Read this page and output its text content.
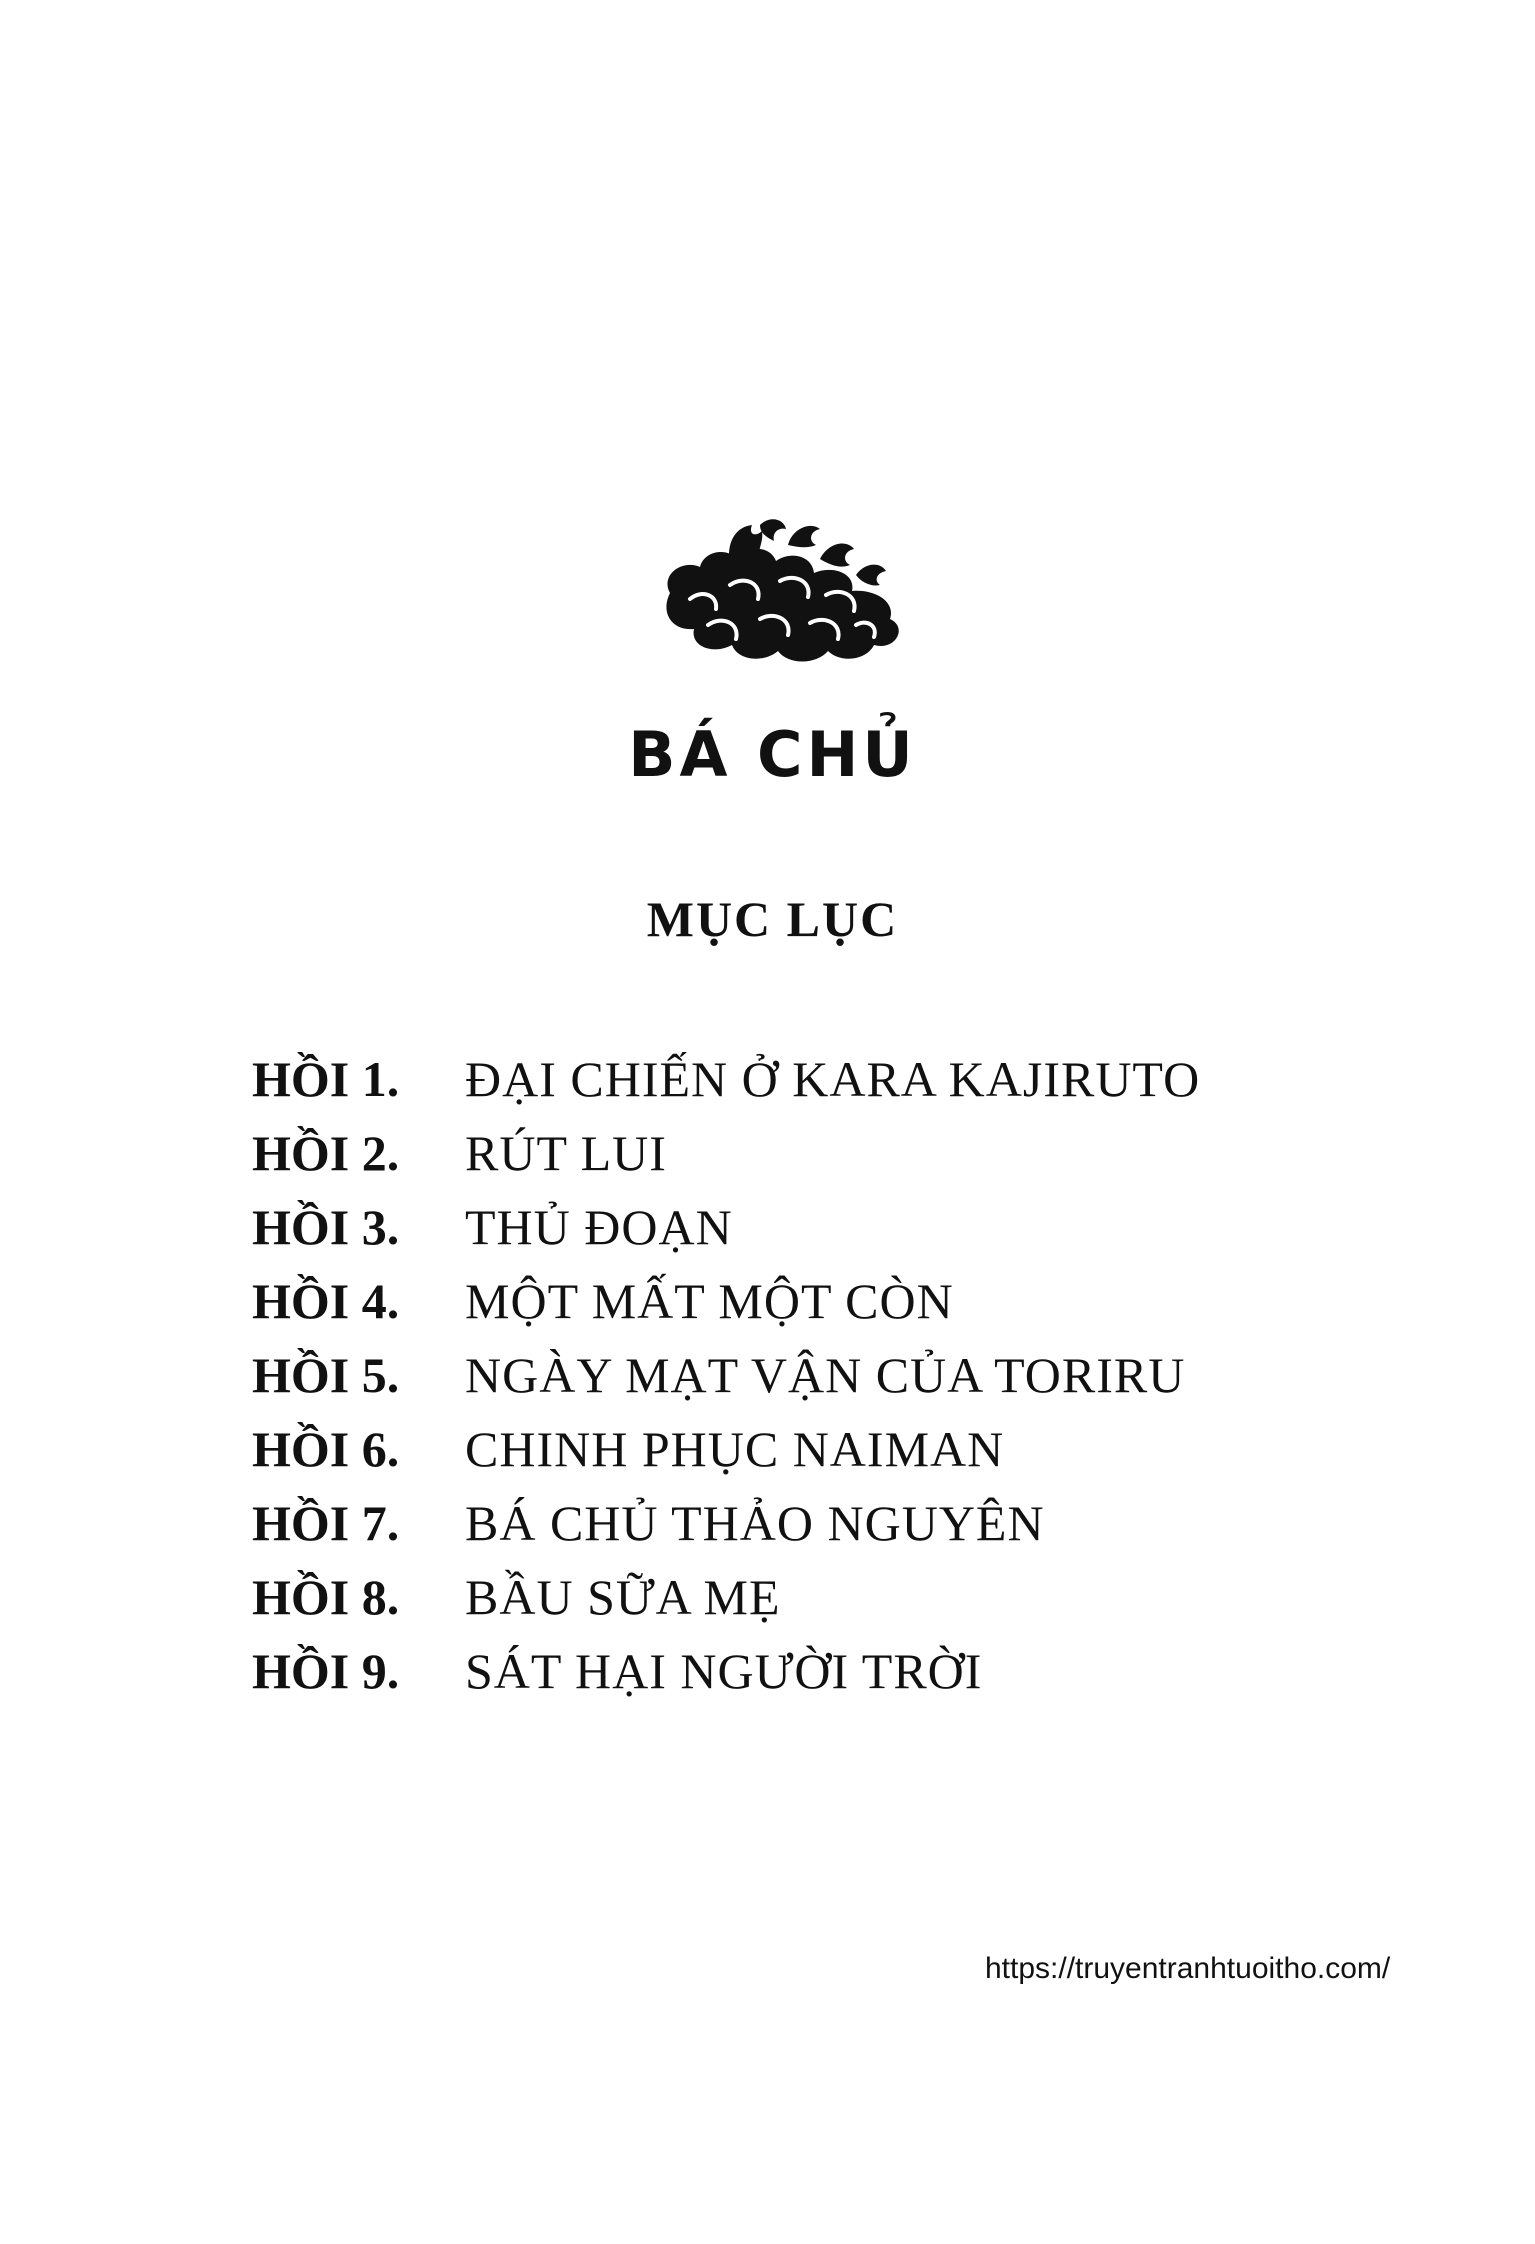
BÁ CHỦ
MỤC LỤC
HỒI 1.	ĐẠI CHIẾN Ở KARA KAJIRUTO
HỒI 2.	RÚT LUI
HỒI 3.	THỦ ĐOẠN
HỒI 4.	MỘT MẤT MỘT CÒN
HỒI 5.	NGÀY MẠT VẬN CỦA TORIRU
HỒI 6.	CHINH PHỤC NAIMAN
HỒI 7.	BÁ CHỦ THẢO NGUYÊN
HỒI 8.	BẦU SỮA MẸ
HỒI 9.	SÁT HẠI NGƯỜI TRỜI
https://truyentranhtuoitho.com/
